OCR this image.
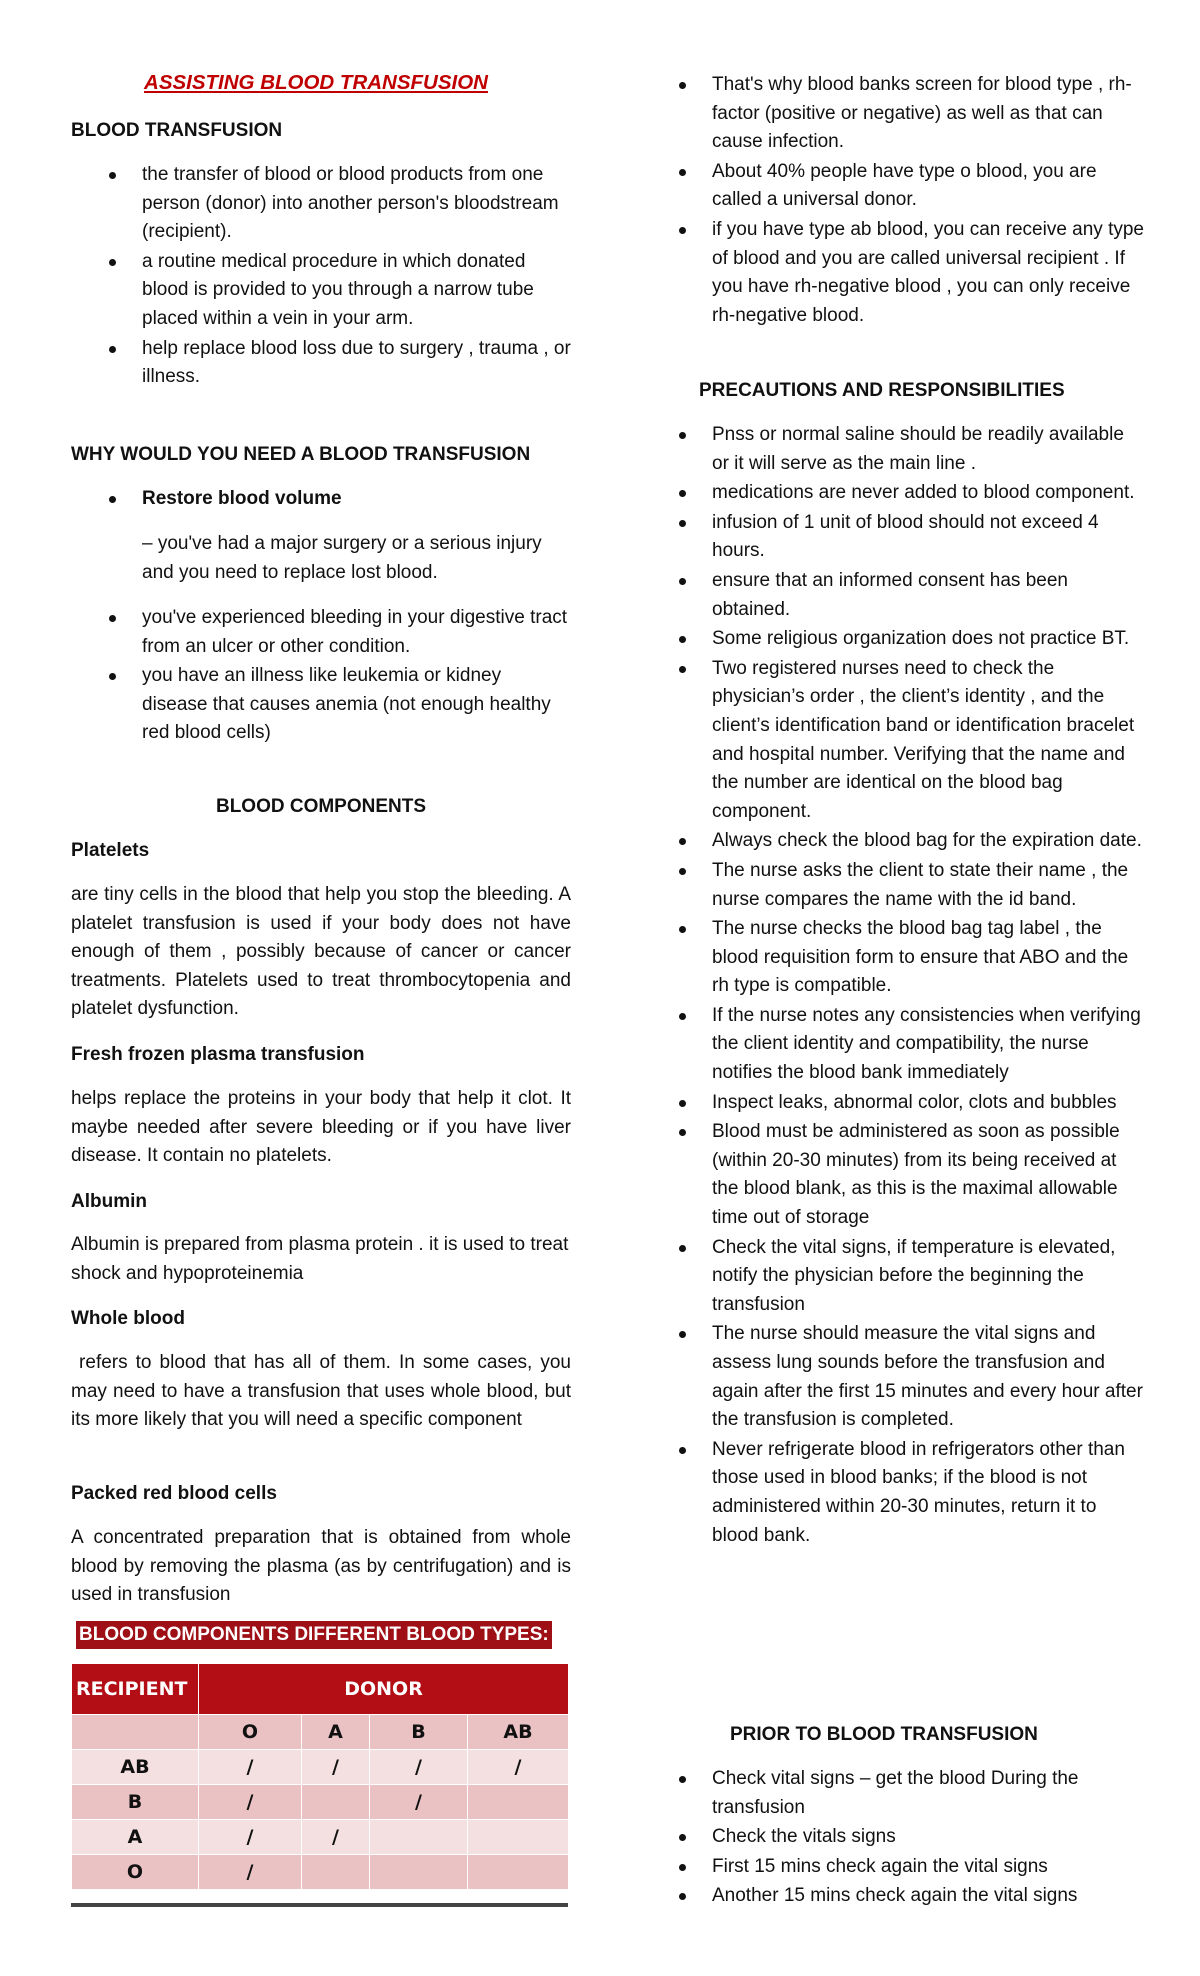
ASSISTING BLOOD TRANSFUSION
BLOOD TRANSFUSION
the transfer of blood or blood products from one person (donor) into another person's bloodstream (recipient).
a routine medical procedure in which donated blood is provided to you through a narrow tube placed within a vein in your arm.
help replace blood loss due to surgery , trauma , or illness.
WHY WOULD YOU NEED A BLOOD TRANSFUSION
Restore blood volume
– you've had a major surgery or a serious injury and you need to replace lost blood.
you've experienced bleeding in your digestive tract from an ulcer or other condition.
you have an illness like leukemia or kidney disease that causes anemia (not enough healthy red blood cells)
BLOOD COMPONENTS
Platelets
are tiny cells in the blood that help you stop the bleeding. A platelet transfusion is used if your body does not have enough of them , possibly because of cancer or cancer treatments. Platelets used to treat thrombocytopenia and platelet dysfunction.
Fresh frozen plasma transfusion
helps replace the proteins in your body that help it clot. It maybe needed after severe bleeding or if you have liver disease. It contain no platelets.
Albumin
Albumin is prepared from plasma protein . it is used to treat shock and hypoproteinemia
Whole blood
refers to blood that has all of them. In some cases, you may need to have a transfusion that uses whole blood, but its more likely that you will need a specific component
Packed red blood cells
A concentrated preparation that is obtained from whole blood by removing the plasma (as by centrifugation) and is used in transfusion
BLOOD COMPONENTS DIFFERENT BLOOD TYPES:
RECIPIENT	DONOR			
	O	A	B	AB
AB	/	/	/	/
B	/		/	
A	/	/		
O	/			
That's why blood banks screen for blood type , rh-factor (positive or negative) as well as that can cause infection.
About 40% people have type o blood, you are called a universal donor.
if you have type ab blood, you can receive any type of blood and you are called universal recipient . If you have rh-negative blood , you can only receive rh-negative blood.
PRECAUTIONS AND RESPONSIBILITIES
Pnss or normal saline should be readily available or it will serve as the main line .
medications are never added to blood component.
infusion of 1 unit of blood should not exceed 4 hours.
ensure that an informed consent has been obtained.
Some religious organization does not practice BT.
Two registered nurses need to check the physician’s order , the client’s identity , and the client’s identification band or identification bracelet and hospital number. Verifying that the name and the number are identical on the blood bag component.
Always check the blood bag for the expiration date.
The nurse asks the client to state their name , the nurse compares the name with the id band.
The nurse checks the blood bag tag label , the blood requisition form to ensure that ABO and the rh type is compatible.
If the nurse notes any consistencies when verifying the client identity and compatibility, the nurse notifies the blood bank immediately
Inspect leaks, abnormal color, clots and bubbles
Blood must be administered as soon as possible (within 20-30 minutes) from its being received at the blood blank, as this is the maximal allowable time out of storage
Check the vital signs, if temperature is elevated, notify the physician before the beginning the transfusion
The nurse should measure the vital signs and assess lung sounds before the transfusion and again after the first 15 minutes and every hour after the transfusion is completed.
Never refrigerate blood in refrigerators other than those used in blood banks; if the blood is not administered within 20-30 minutes, return it to blood bank.
PRIOR TO BLOOD TRANSFUSION
Check vital signs – get the blood During the transfusion
Check the vitals signs
First 15 mins check again the vital signs
Another 15 mins check again the vital signs
